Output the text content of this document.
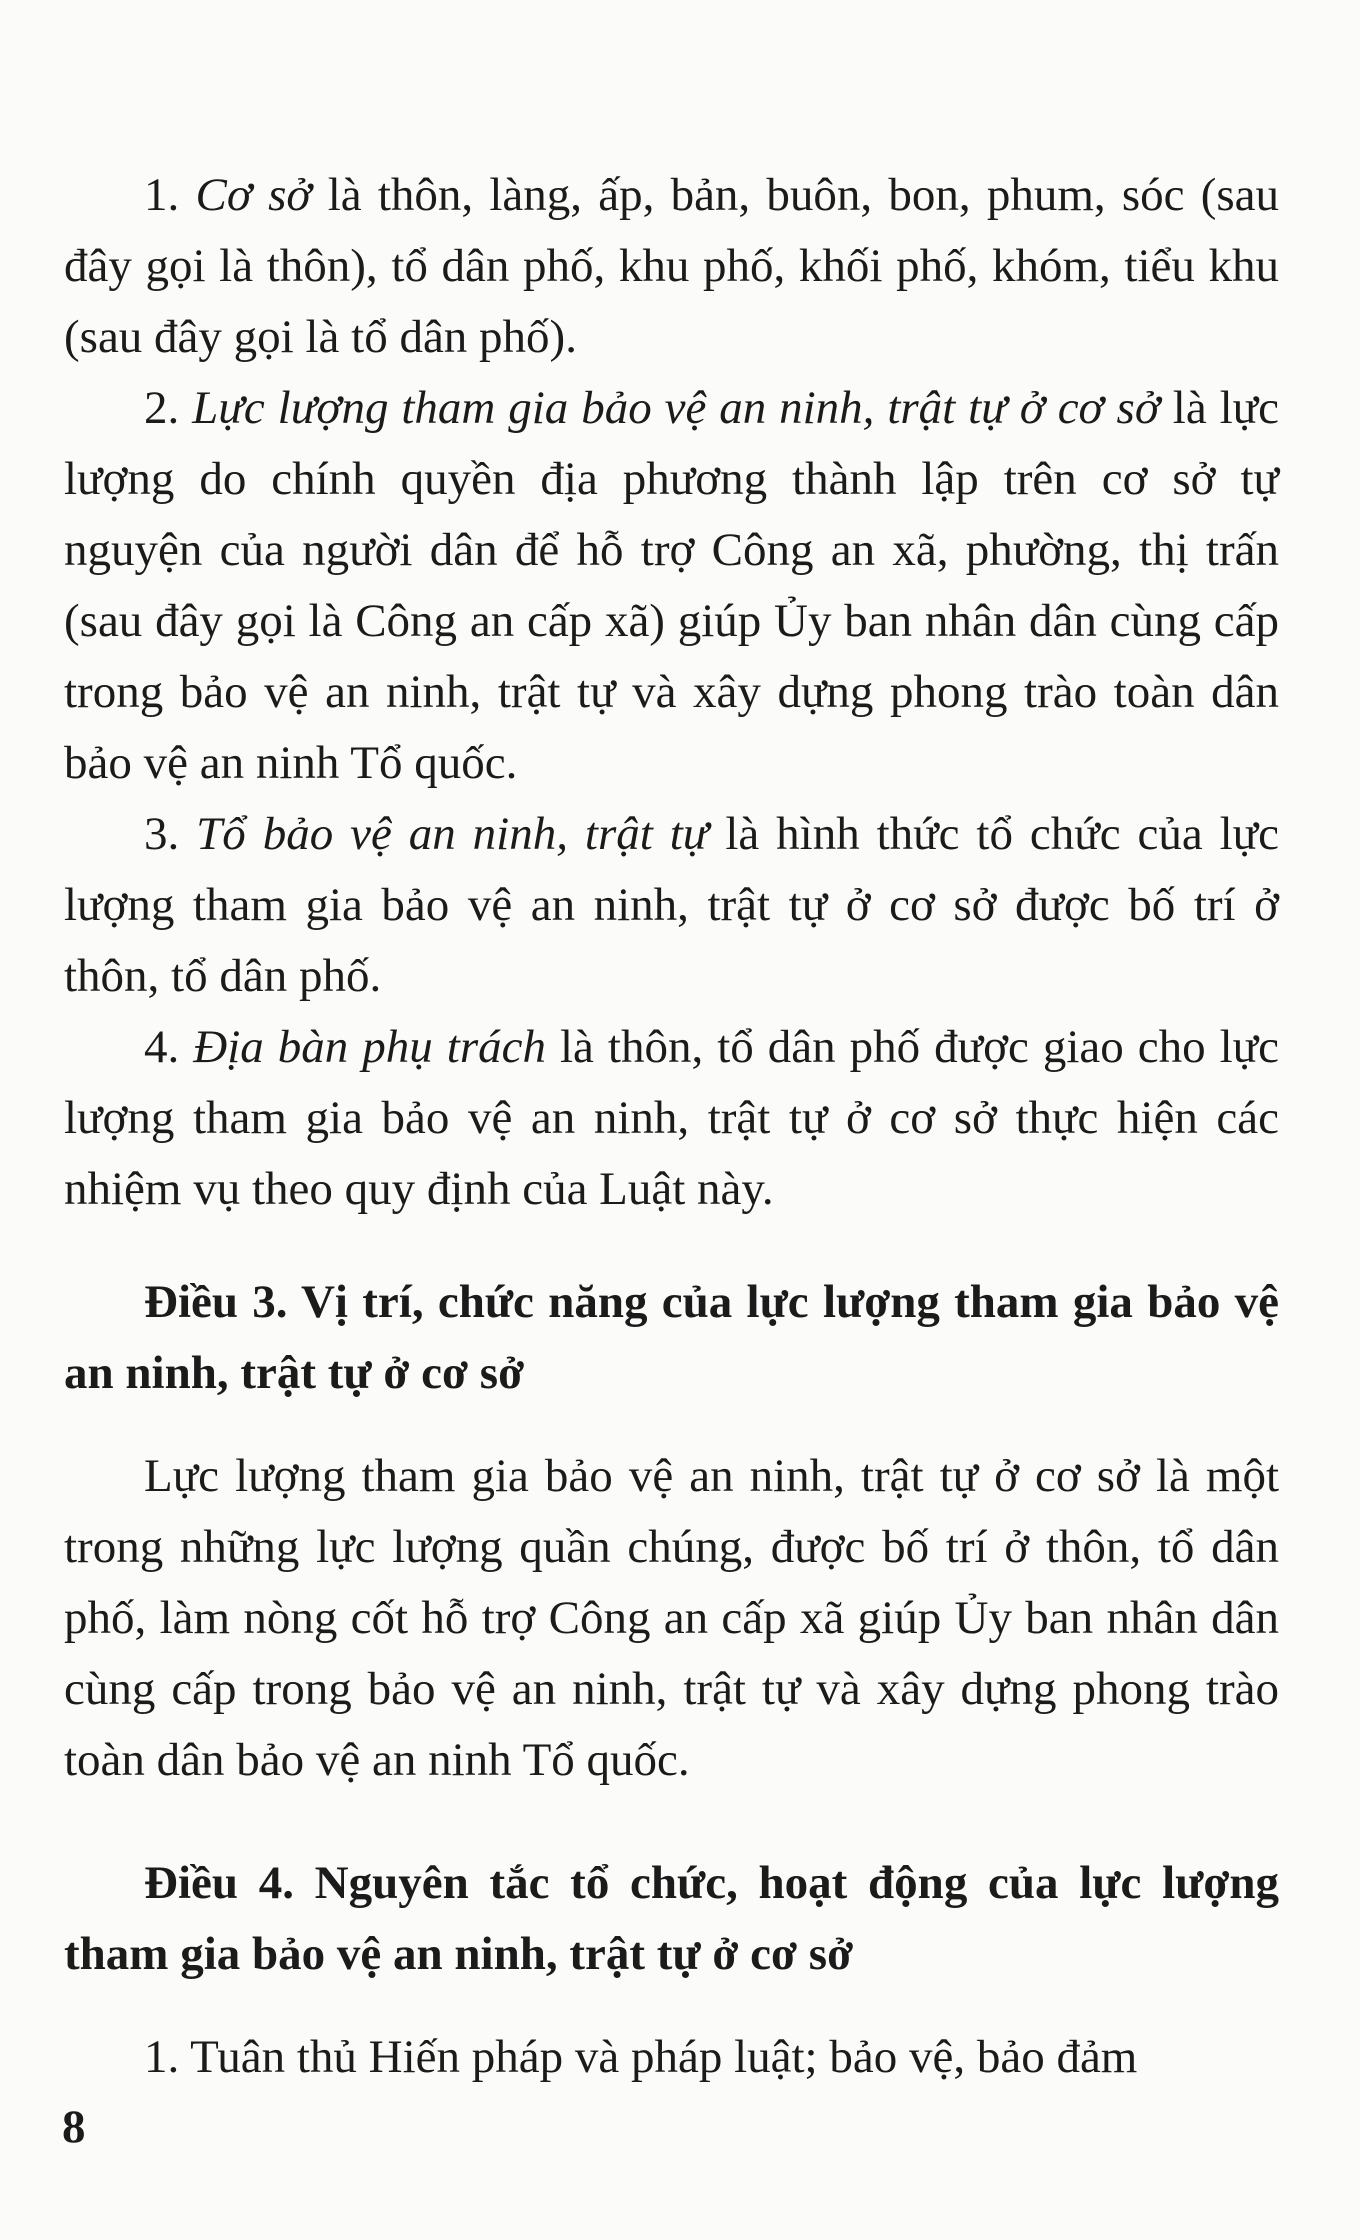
1. Cơ sở là thôn, làng, ấp, bản, buôn, bon, phum, sóc (sau đây gọi là thôn), tổ dân phố, khu phố, khối phố, khóm, tiểu khu (sau đây gọi là tổ dân phố).

2. Lực lượng tham gia bảo vệ an ninh, trật tự ở cơ sở là lực lượng do chính quyền địa phương thành lập trên cơ sở tự nguyện của người dân để hỗ trợ Công an xã, phường, thị trấn (sau đây gọi là Công an cấp xã) giúp Ủy ban nhân dân cùng cấp trong bảo vệ an ninh, trật tự và xây dựng phong trào toàn dân bảo vệ an ninh Tổ quốc.

3. Tổ bảo vệ an ninh, trật tự là hình thức tổ chức của lực lượng tham gia bảo vệ an ninh, trật tự ở cơ sở được bố trí ở thôn, tổ dân phố.

4. Địa bàn phụ trách là thôn, tổ dân phố được giao cho lực lượng tham gia bảo vệ an ninh, trật tự ở cơ sở thực hiện các nhiệm vụ theo quy định của Luật này.

Điều 3. Vị trí, chức năng của lực lượng tham gia bảo vệ an ninh, trật tự ở cơ sở

Lực lượng tham gia bảo vệ an ninh, trật tự ở cơ sở là một trong những lực lượng quần chúng, được bố trí ở thôn, tổ dân phố, làm nòng cốt hỗ trợ Công an cấp xã giúp Ủy ban nhân dân cùng cấp trong bảo vệ an ninh, trật tự và xây dựng phong trào toàn dân bảo vệ an ninh Tổ quốc.

Điều 4. Nguyên tắc tổ chức, hoạt động của lực lượng tham gia bảo vệ an ninh, trật tự ở cơ sở

1. Tuân thủ Hiến pháp và pháp luật; bảo vệ, bảo đảm

8
